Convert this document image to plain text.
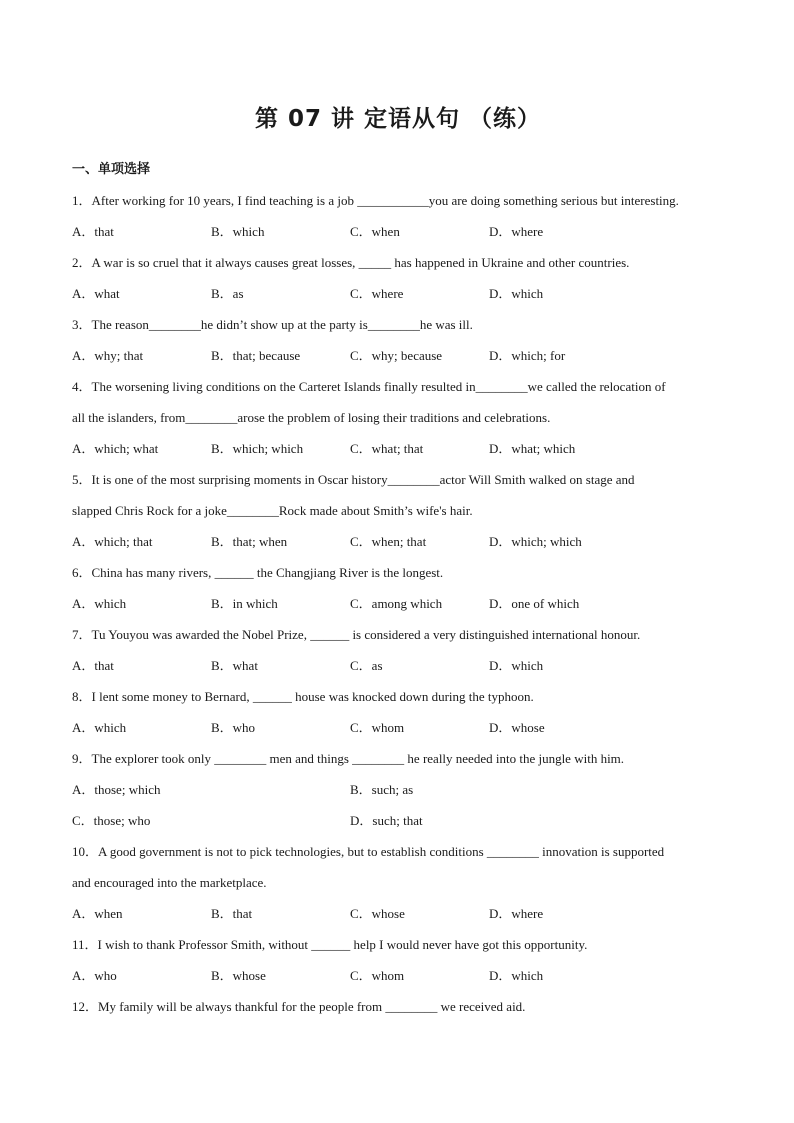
第 07 讲 定语从句 （练）
一、单项选择
1．After working for 10 years, I find teaching is a job ___________you are doing something serious but interesting.
A．that	B．which	C．when	D．where
2．A war is so cruel that it always causes great losses, _____ has happened in Ukraine and other countries.
A．what	B．as	C．where	D．which
3．The reason________he didn’t show up at the party is________he was ill.
A．why; that	B．that; because	C．why; because	D．which; for
4．The worsening living conditions on the Carteret Islands finally resulted in________we called the relocation of
all the islanders, from________arose the problem of losing their traditions and celebrations.
A．which; what	B．which; which	C．what; that	D．what; which
5．It is one of the most surprising moments in Oscar history________actor Will Smith walked on stage and
slapped Chris Rock for a joke________Rock made about Smith’s wife's hair.
A．which; that	B．that; when	C．when; that	D．which; which
6．China has many rivers, ______ the Changjiang River is the longest.
A．which	B．in which	C．among which	D．one of which
7．Tu Youyou was awarded the Nobel Prize, ______ is considered a very distinguished international honour.
A．that	B．what	C．as	D．which
8．I lent some money to Bernard, ______ house was knocked down during the typhoon.
A．which	B．who	C．whom	D．whose
9．The explorer took only ________ men and things ________ he really needed into the jungle with him.
A．those; which	B．such; as
C．those; who	D．such; that
10．A good government is not to pick technologies, but to establish conditions ________ innovation is supported
and encouraged into the marketplace.
A．when	B．that	C．whose	D．where
11．I wish to thank Professor Smith, without ______ help I would never have got this opportunity.
A．who	B．whose	C．whom	D．which
12．My family will be always thankful for the people from ________ we received aid.
